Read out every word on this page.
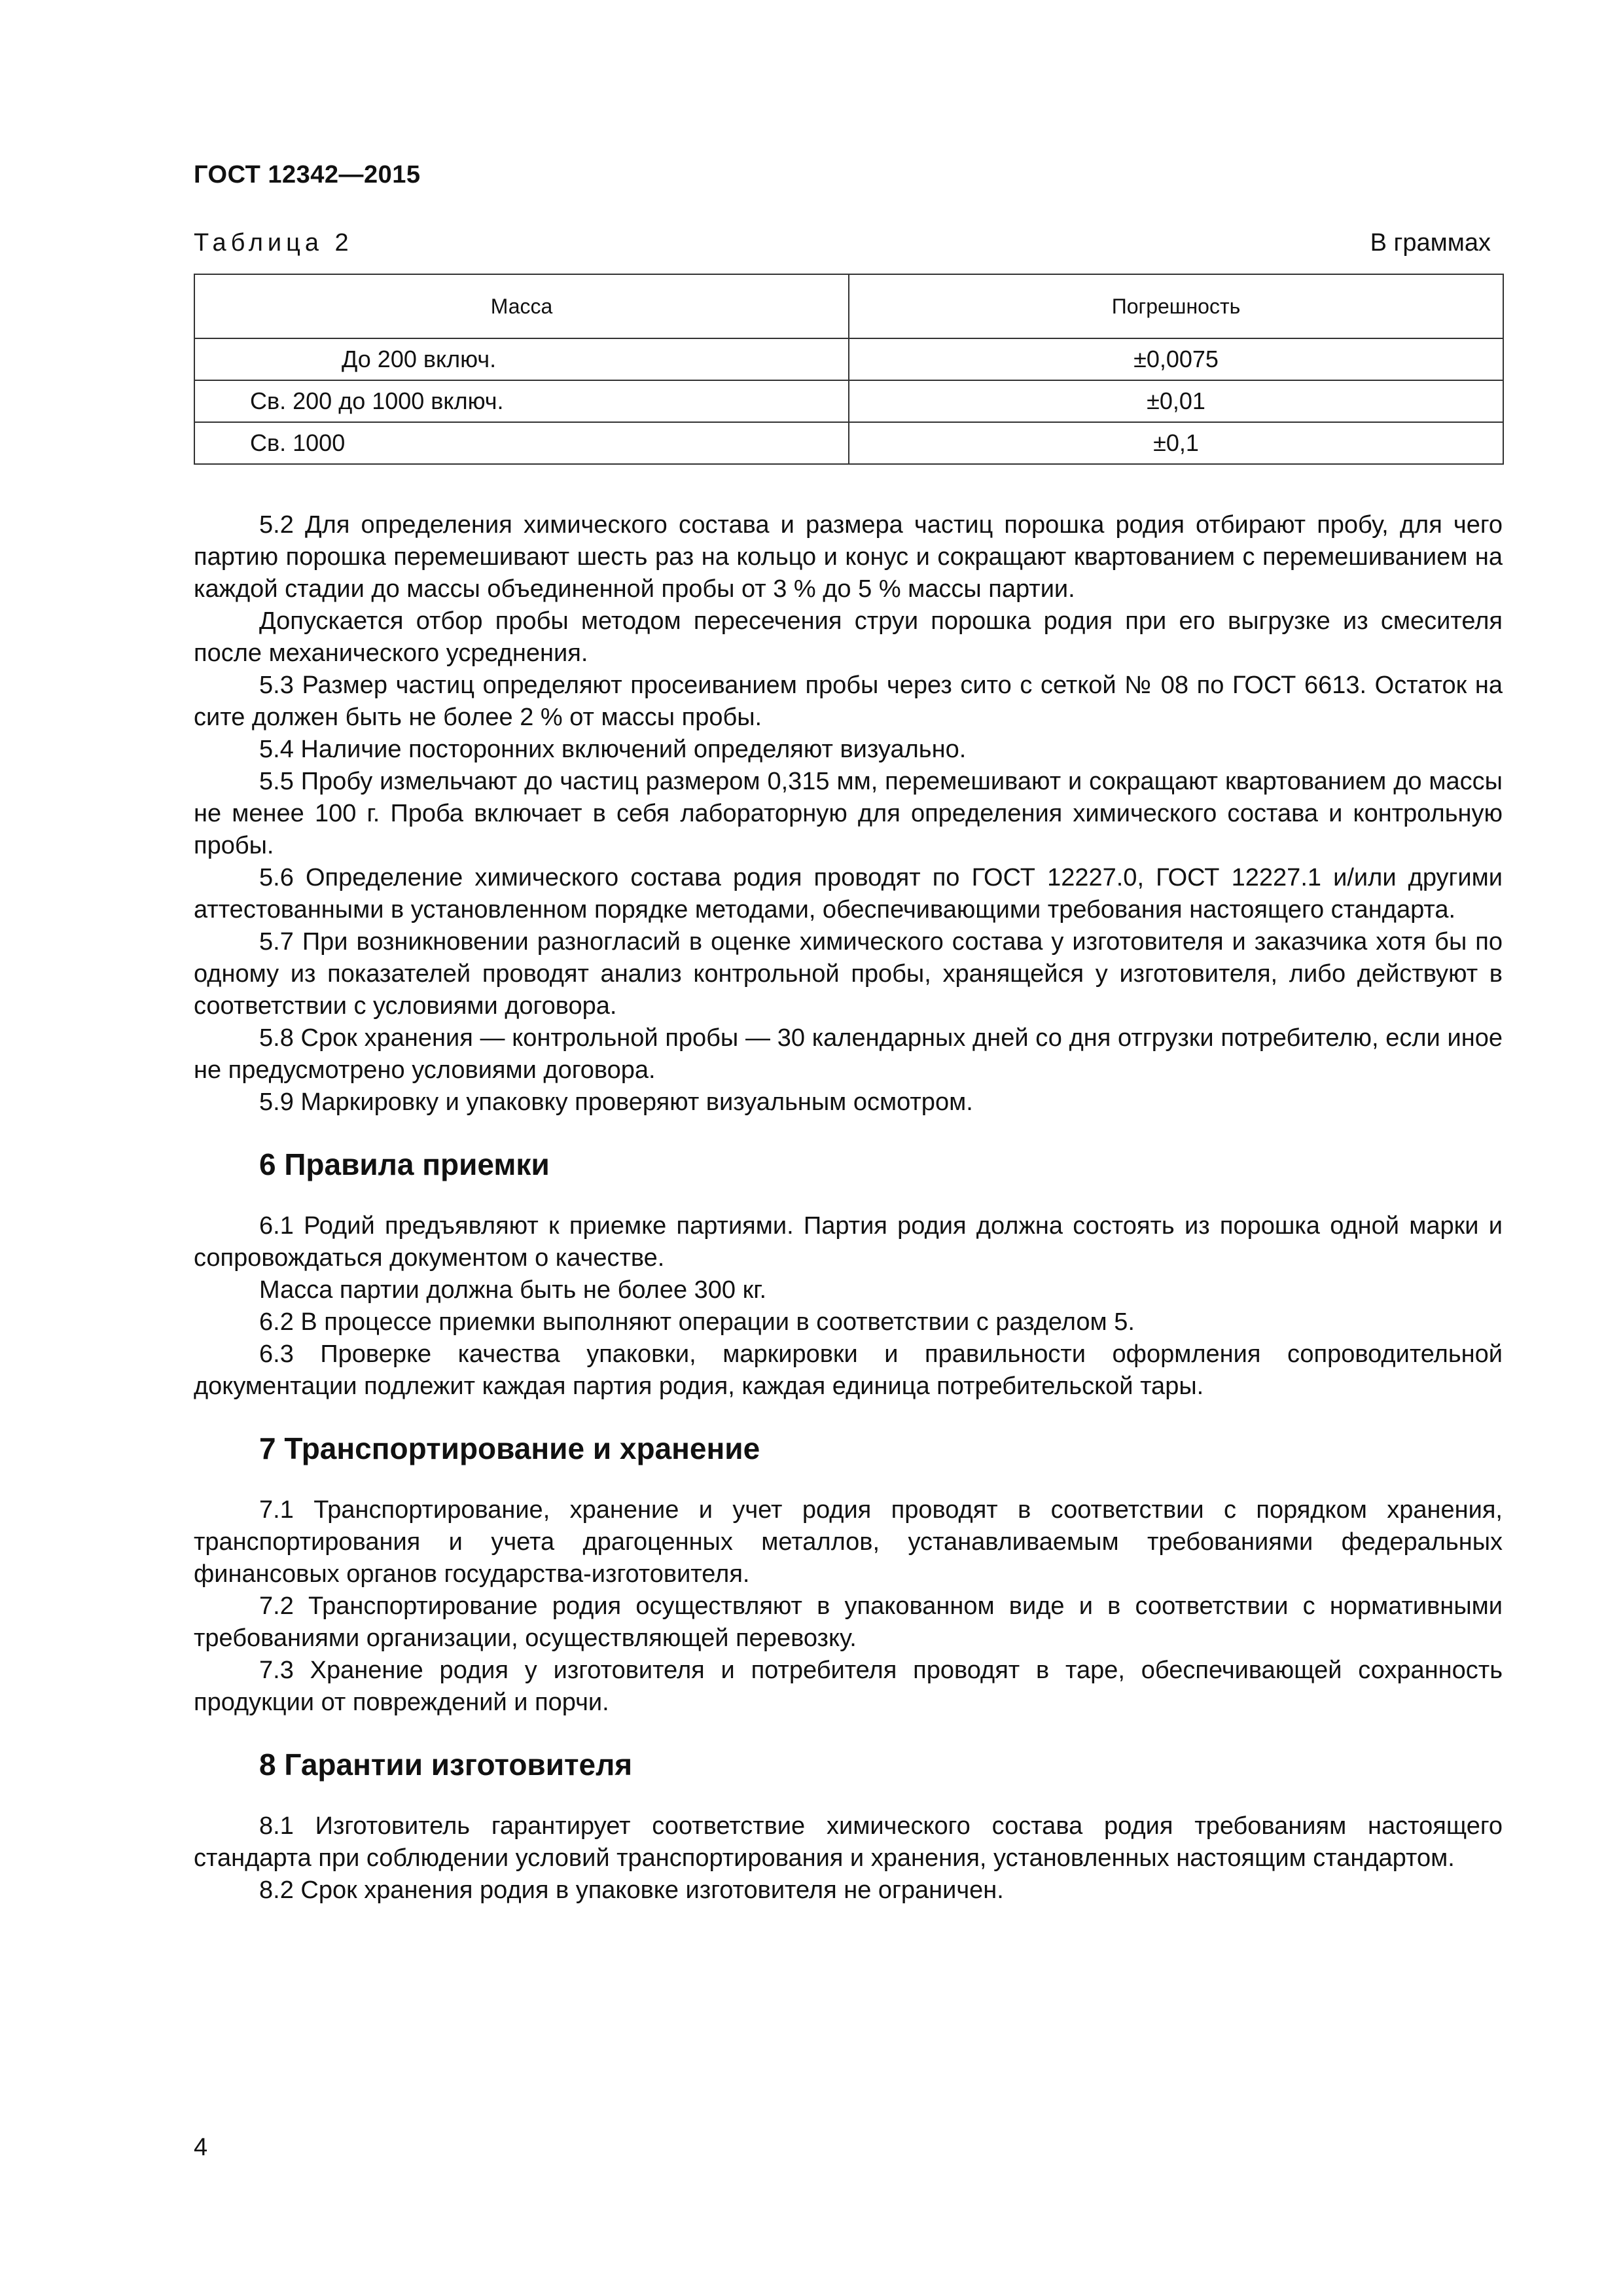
ГОСТ 12342—2015
Таблица 2	В граммах
Масса	Погрешность
До 200 включ.	±0,0075
Св. 200 до 1000 включ.	±0,01
Св. 1000	±0,1

5.2 Для определения химического состава и размера частиц порошка родия отбирают пробу, для чего партию порошка перемешивают шесть раз на кольцо и конус и сокращают квартованием с перемешиванием на каждой стадии до массы объединенной пробы от 3 % до 5 % массы партии.

Допускается отбор пробы методом пересечения струи порошка родия при его выгрузке из смесителя после механического усреднения.

5.3 Размер частиц определяют просеиванием пробы через сито с сеткой № 08 по ГОСТ 6613. Остаток на сите должен быть не более 2 % от массы пробы.

5.4 Наличие посторонних включений определяют визуально.

5.5 Пробу измельчают до частиц размером 0,315 мм, перемешивают и сокращают квартованием до массы не менее 100 г. Проба включает в себя лабораторную для определения химического состава и контрольную пробы.

5.6 Определение химического состава родия проводят по ГОСТ 12227.0, ГОСТ 12227.1 и/или другими аттестованными в установленном порядке методами, обеспечивающими требования настоящего стандарта.

5.7 При возникновении разногласий в оценке химического состава у изготовителя и заказчика хотя бы по одному из показателей проводят анализ контрольной пробы, хранящейся у изготовителя, либо действуют в соответствии с условиями договора.

5.8 Срок хранения — контрольной пробы — 30 календарных дней со дня отгрузки потребителю, если иное не предусмотрено условиями договора.

5.9 Маркировку и упаковку проверяют визуальным осмотром.

6 Правила приемки

6.1 Родий предъявляют к приемке партиями. Партия родия должна состоять из порошка одной марки и сопровождаться документом о качестве.

Масса партии должна быть не более 300 кг.

6.2 В процессе приемки выполняют операции в соответствии с разделом 5.

6.3 Проверке качества упаковки, маркировки и правильности оформления сопроводительной документации подлежит каждая партия родия, каждая единица потребительской тары.

7 Транспортирование и хранение

7.1 Транспортирование, хранение и учет родия проводят в соответствии с порядком хранения, транспортирования и учета драгоценных металлов, устанавливаемым требованиями федеральных финансовых органов государства-изготовителя.

7.2 Транспортирование родия осуществляют в упакованном виде и в соответствии с нормативными требованиями организации, осуществляющей перевозку.

7.3 Хранение родия у изготовителя и потребителя проводят в таре, обеспечивающей сохранность продукции от повреждений и порчи.

8 Гарантии изготовителя

8.1 Изготовитель гарантирует соответствие химического состава родия требованиям настоящего стандарта при соблюдении условий транспортирования и хранения, установленных настоящим стандартом.

8.2 Срок хранения родия в упаковке изготовителя не ограничен.

4
